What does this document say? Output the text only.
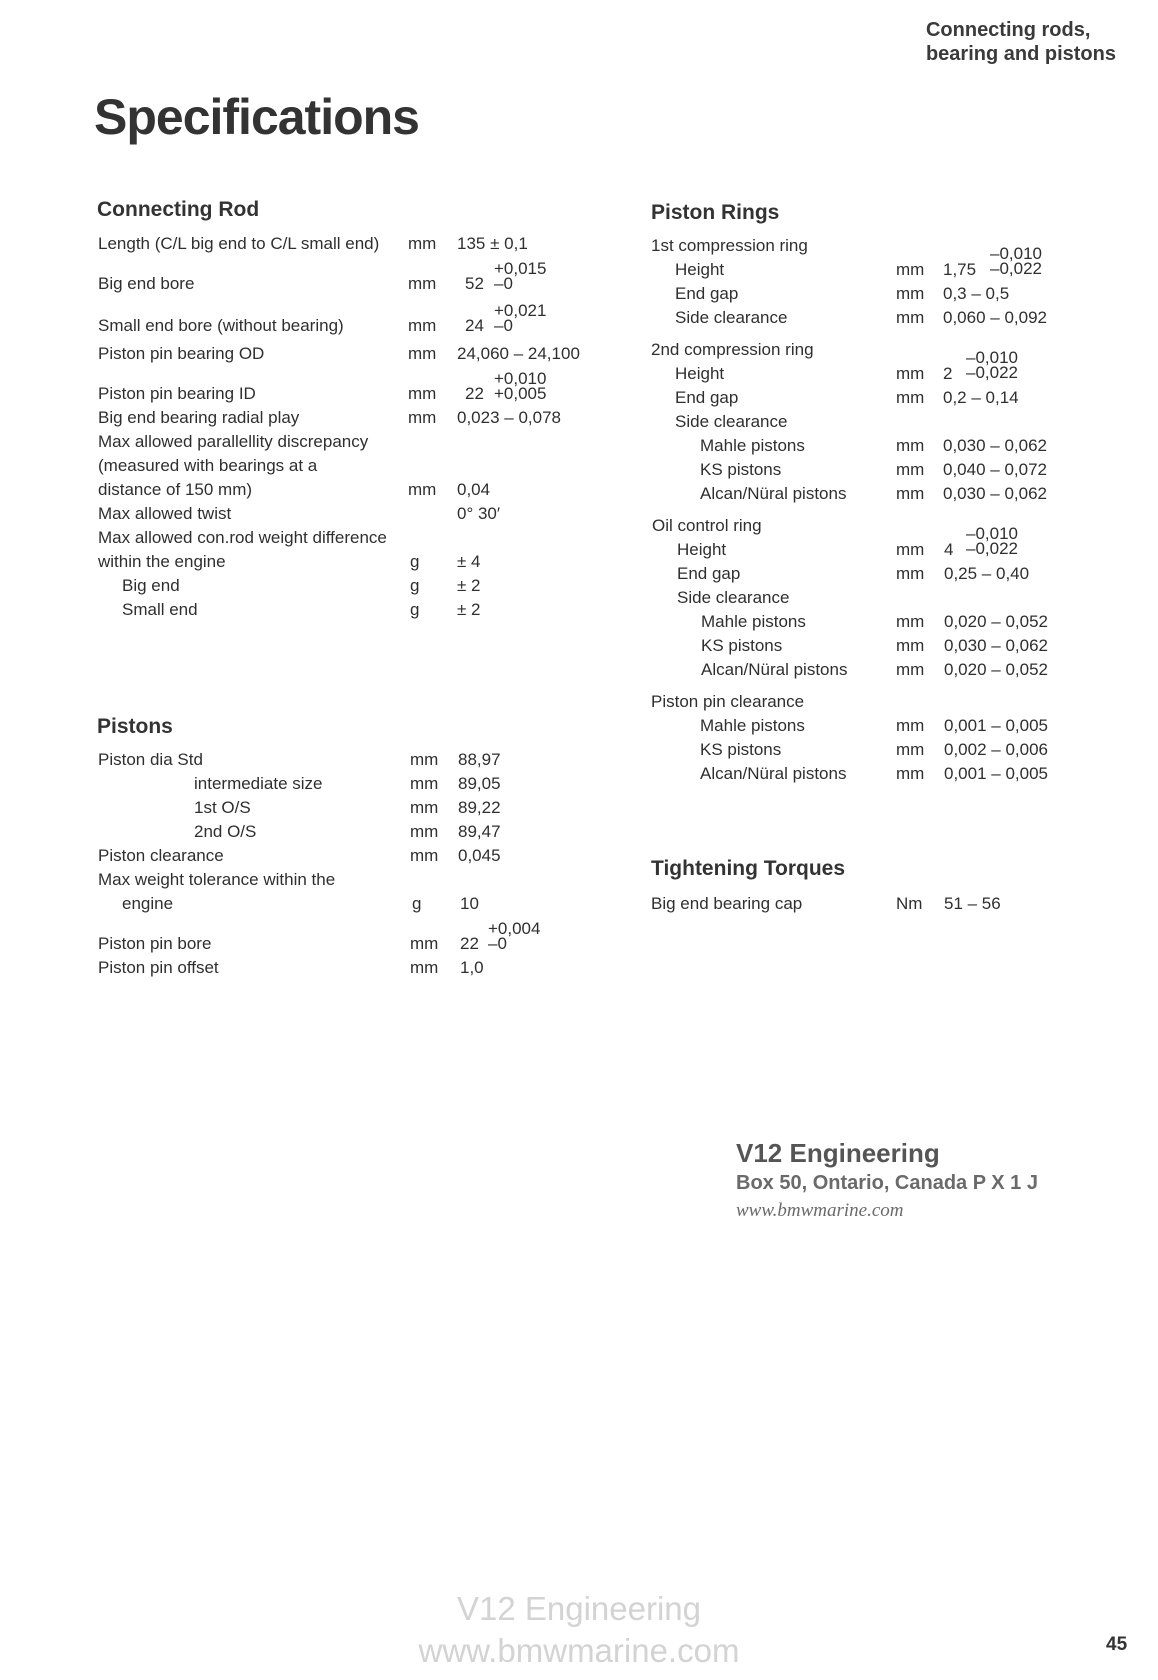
Connecting rods,
bearing and pistons
Specifications
Connecting Rod
Length (C/L big end to C/L small end) mm 135 ± 0,1
Big end bore	mm 52
+0,015
–0
Small end bore (without bearing)	mm 24
+0,021
–0
Piston pin bearing OD	mm 24,060 – 24,100
Piston pin bearing ID	mm 22
+0,010
+0,005
Big end bearing radial play	mm 0,023 – 0,078
Max allowed parallellity discrepancy
(measured with bearings at a
distance of 150 mm)	mm 0,04
Max allowed twist	0° 30′
Max allowed con.rod weight difference
within the engine	g ± 4
Big end	g ± 2
Small end	g ± 2
Pistons
Piston dia Std	mm 88,97
intermediate size	mm 89,05
1st O/S	mm 89,22
2nd O/S	mm 89,47
Piston clearance	mm 0,045
Max weight tolerance within the
engine	g 10
Piston pin bore	mm 22
+0,004
–0
Piston pin offset	mm 1,0
Piston Rings
1st compression ring
Height	mm 1,75
–0,010
–0,022
End gap	mm 0,3 – 0,5
Side clearance	mm 0,060 – 0,092
2nd compression ring
Height	mm 2
–0,010
–0,022
End gap	mm 0,2 – 0,14
Side clearance
Mahle pistons	mm 0,030 – 0,062
KS pistons	mm 0,040 – 0,072
Alcan/Nüral pistons	mm 0,030 – 0,062
Oil control ring
Height	mm 4
–0,010
–0,022
End gap	mm 0,25 – 0,40
Side clearance
Mahle pistons	mm 0,020 – 0,052
KS pistons	mm 0,030 – 0,062
Alcan/Nüral pistons	mm 0,020 – 0,052
Piston pin clearance
Mahle pistons	mm 0,001 – 0,005
KS pistons	mm 0,002 – 0,006
Alcan/Nüral pistons	mm 0,001 – 0,005
Tightening Torques
Big end bearing cap	Nm 51 – 56
V12 Engineering
Box 50, Ontario, Canada P X 1 J
www.bmwmarine.com
V12 Engineering
www.bmwmarine.com	45
